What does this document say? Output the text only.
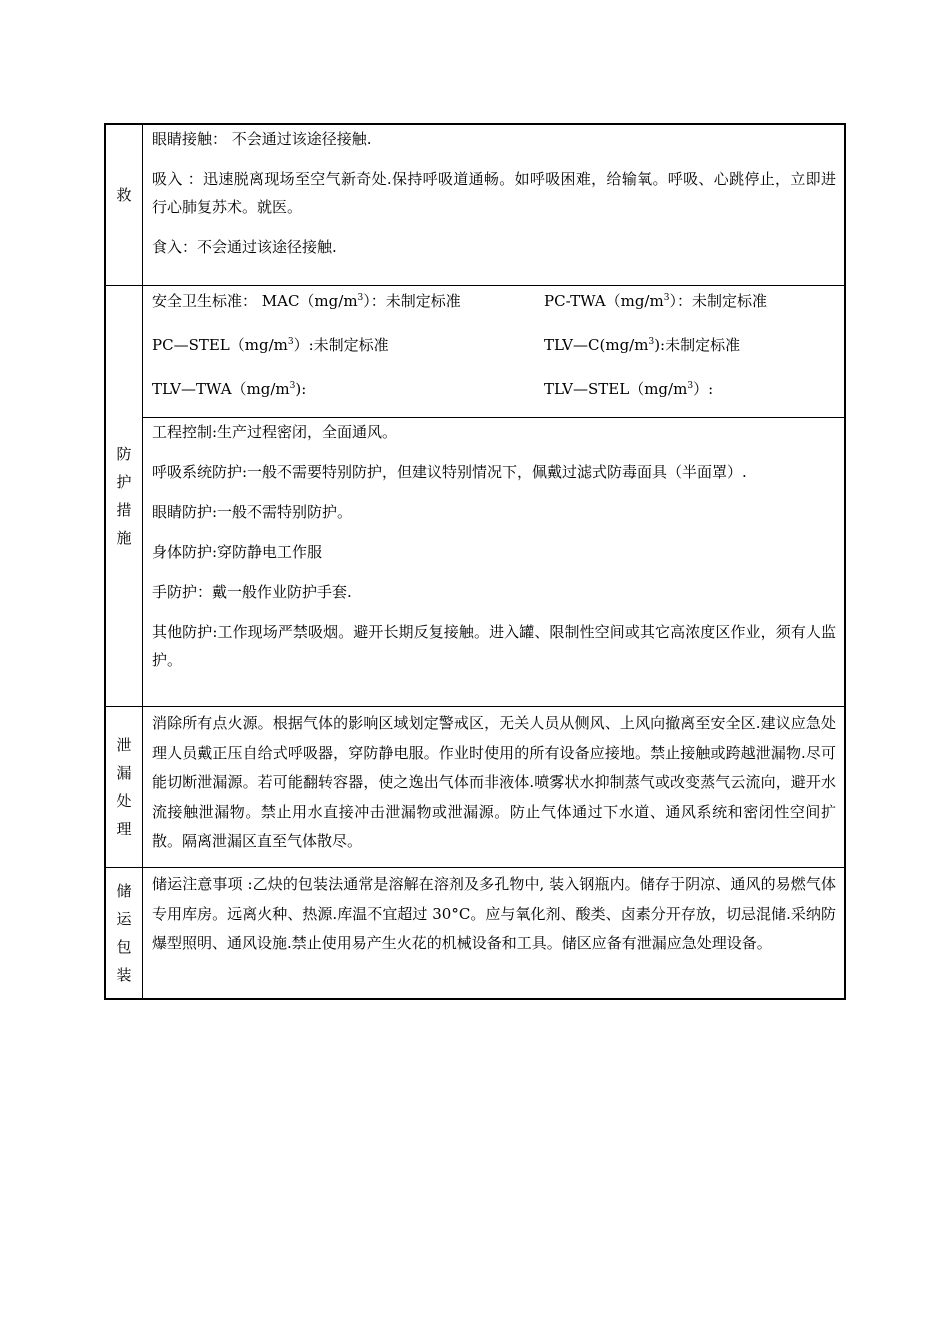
救

眼睛接触： 不会通过该途径接触.

吸入 ：迅速脱离现场至空气新奇处.保持呼吸道通畅。如呼吸困难，给输氧。呼吸、心跳停止，立即进行心肺复苏术。就医。

食入：不会通过该途径接触.

防
护
措
施
安全卫生标准： $MAC(mg/m^3)$：未制定标准	$PC-TWA(mg/m^3)$：未制定标准
$PC—STEL(mg/m^3)$:未制定标准	$TLV—C(mg/m^3)$:未制定标准
$TLV—TWA(mg/m^3)$:	$TLV—STEL(mg/m^3)$:

工程控制:生产过程密闭，全面通风。

呼吸系统防护:一般不需要特别防护，但建议特别情况下，佩戴过滤式防毒面具（半面罩）.

眼睛防护:一般不需特别防护。

身体防护:穿防静电工作服

手防护：戴一般作业防护手套.

其他防护:工作现场严禁吸烟。避开长期反复接触。进入罐、限制性空间或其它高浓度区作业，须有人监护。

泄
漏
处
理

消除所有点火源。根据气体的影响区域划定警戒区，无关人员从侧风、上风向撤离至安全区.建议应急处理人员戴正压自给式呼吸器，穿防静电服。作业时使用的所有设备应接地。禁止接触或跨越泄漏物.尽可能切断泄漏源。若可能翻转容器，使之逸出气体而非液体.喷雾状水抑制蒸气或改变蒸气云流向，避开水流接触泄漏物。禁止用水直接冲击泄漏物或泄漏源。防止气体通过下水道、通风系统和密闭性空间扩散。隔离泄漏区直至气体散尽。

储
运
包
装

储运注意事项 :乙炔的包装法通常是溶解在溶剂及多孔物中, 装入钢瓶内。储存于阴凉、通风的易燃气体专用库房。远离火种、热源.库温不宜超过 30°C。应与氧化剂、酸类、卤素分开存放，切忌混储.采纳防爆型照明、通风设施.禁止使用易产生火花的机械设备和工具。储区应备有泄漏应急处理设备。
